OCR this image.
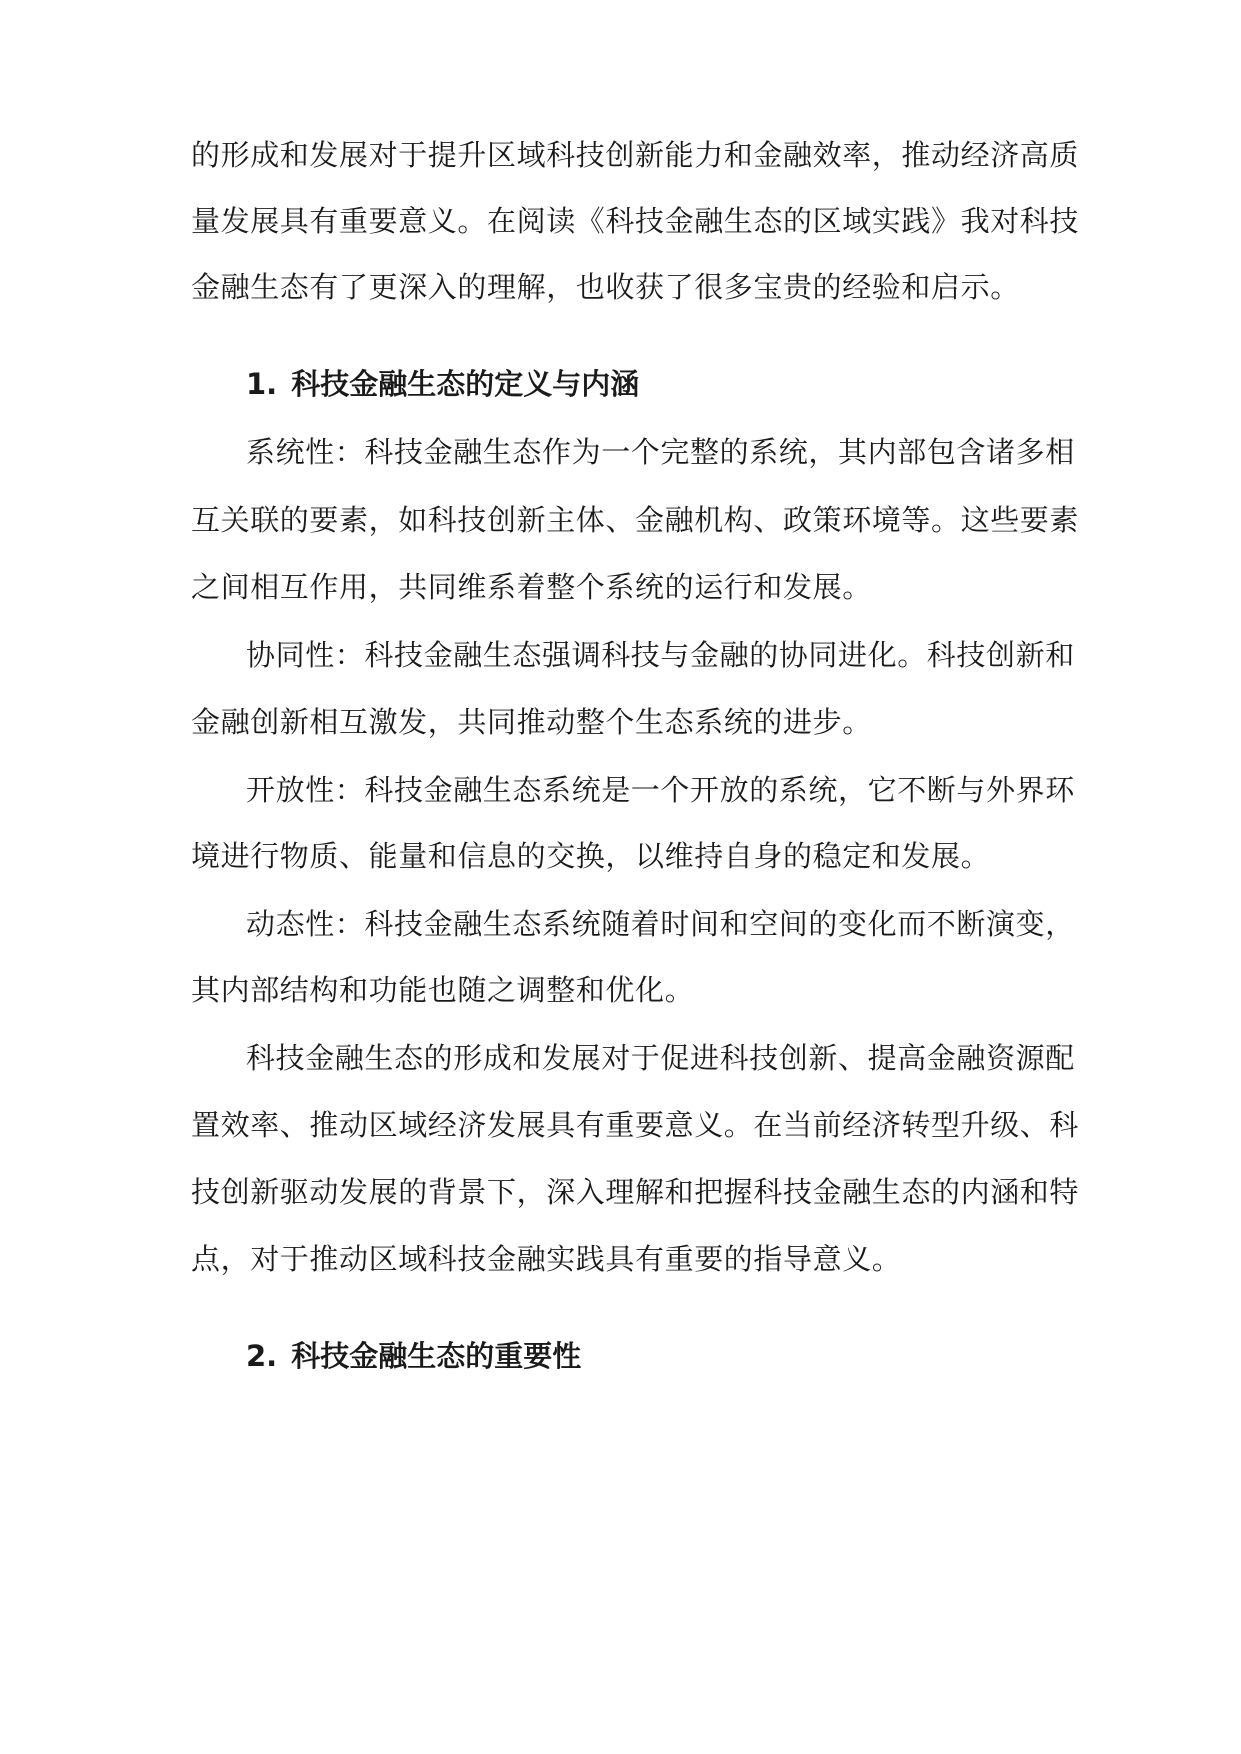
的形成和发展对于提升区域科技创新能力和金融效率，推动经济高质
量发展具有重要意义。在阅读《科技金融生态的区域实践》我对科技
金融生态有了更深入的理解，也收获了很多宝贵的经验和启示。
1. 科技金融生态的定义与内涵
系统性：科技金融生态作为一个完整的系统，其内部包含诸多相
互关联的要素，如科技创新主体、金融机构、政策环境等。这些要素
之间相互作用，共同维系着整个系统的运行和发展。
协同性：科技金融生态强调科技与金融的协同进化。科技创新和
金融创新相互激发，共同推动整个生态系统的进步。
开放性：科技金融生态系统是一个开放的系统，它不断与外界环
境进行物质、能量和信息的交换，以维持自身的稳定和发展。
动态性：科技金融生态系统随着时间和空间的变化而不断演变，
其内部结构和功能也随之调整和优化。
科技金融生态的形成和发展对于促进科技创新、提高金融资源配
置效率、推动区域经济发展具有重要意义。在当前经济转型升级、科
技创新驱动发展的背景下，深入理解和把握科技金融生态的内涵和特
点，对于推动区域科技金融实践具有重要的指导意义。
2. 科技金融生态的重要性
